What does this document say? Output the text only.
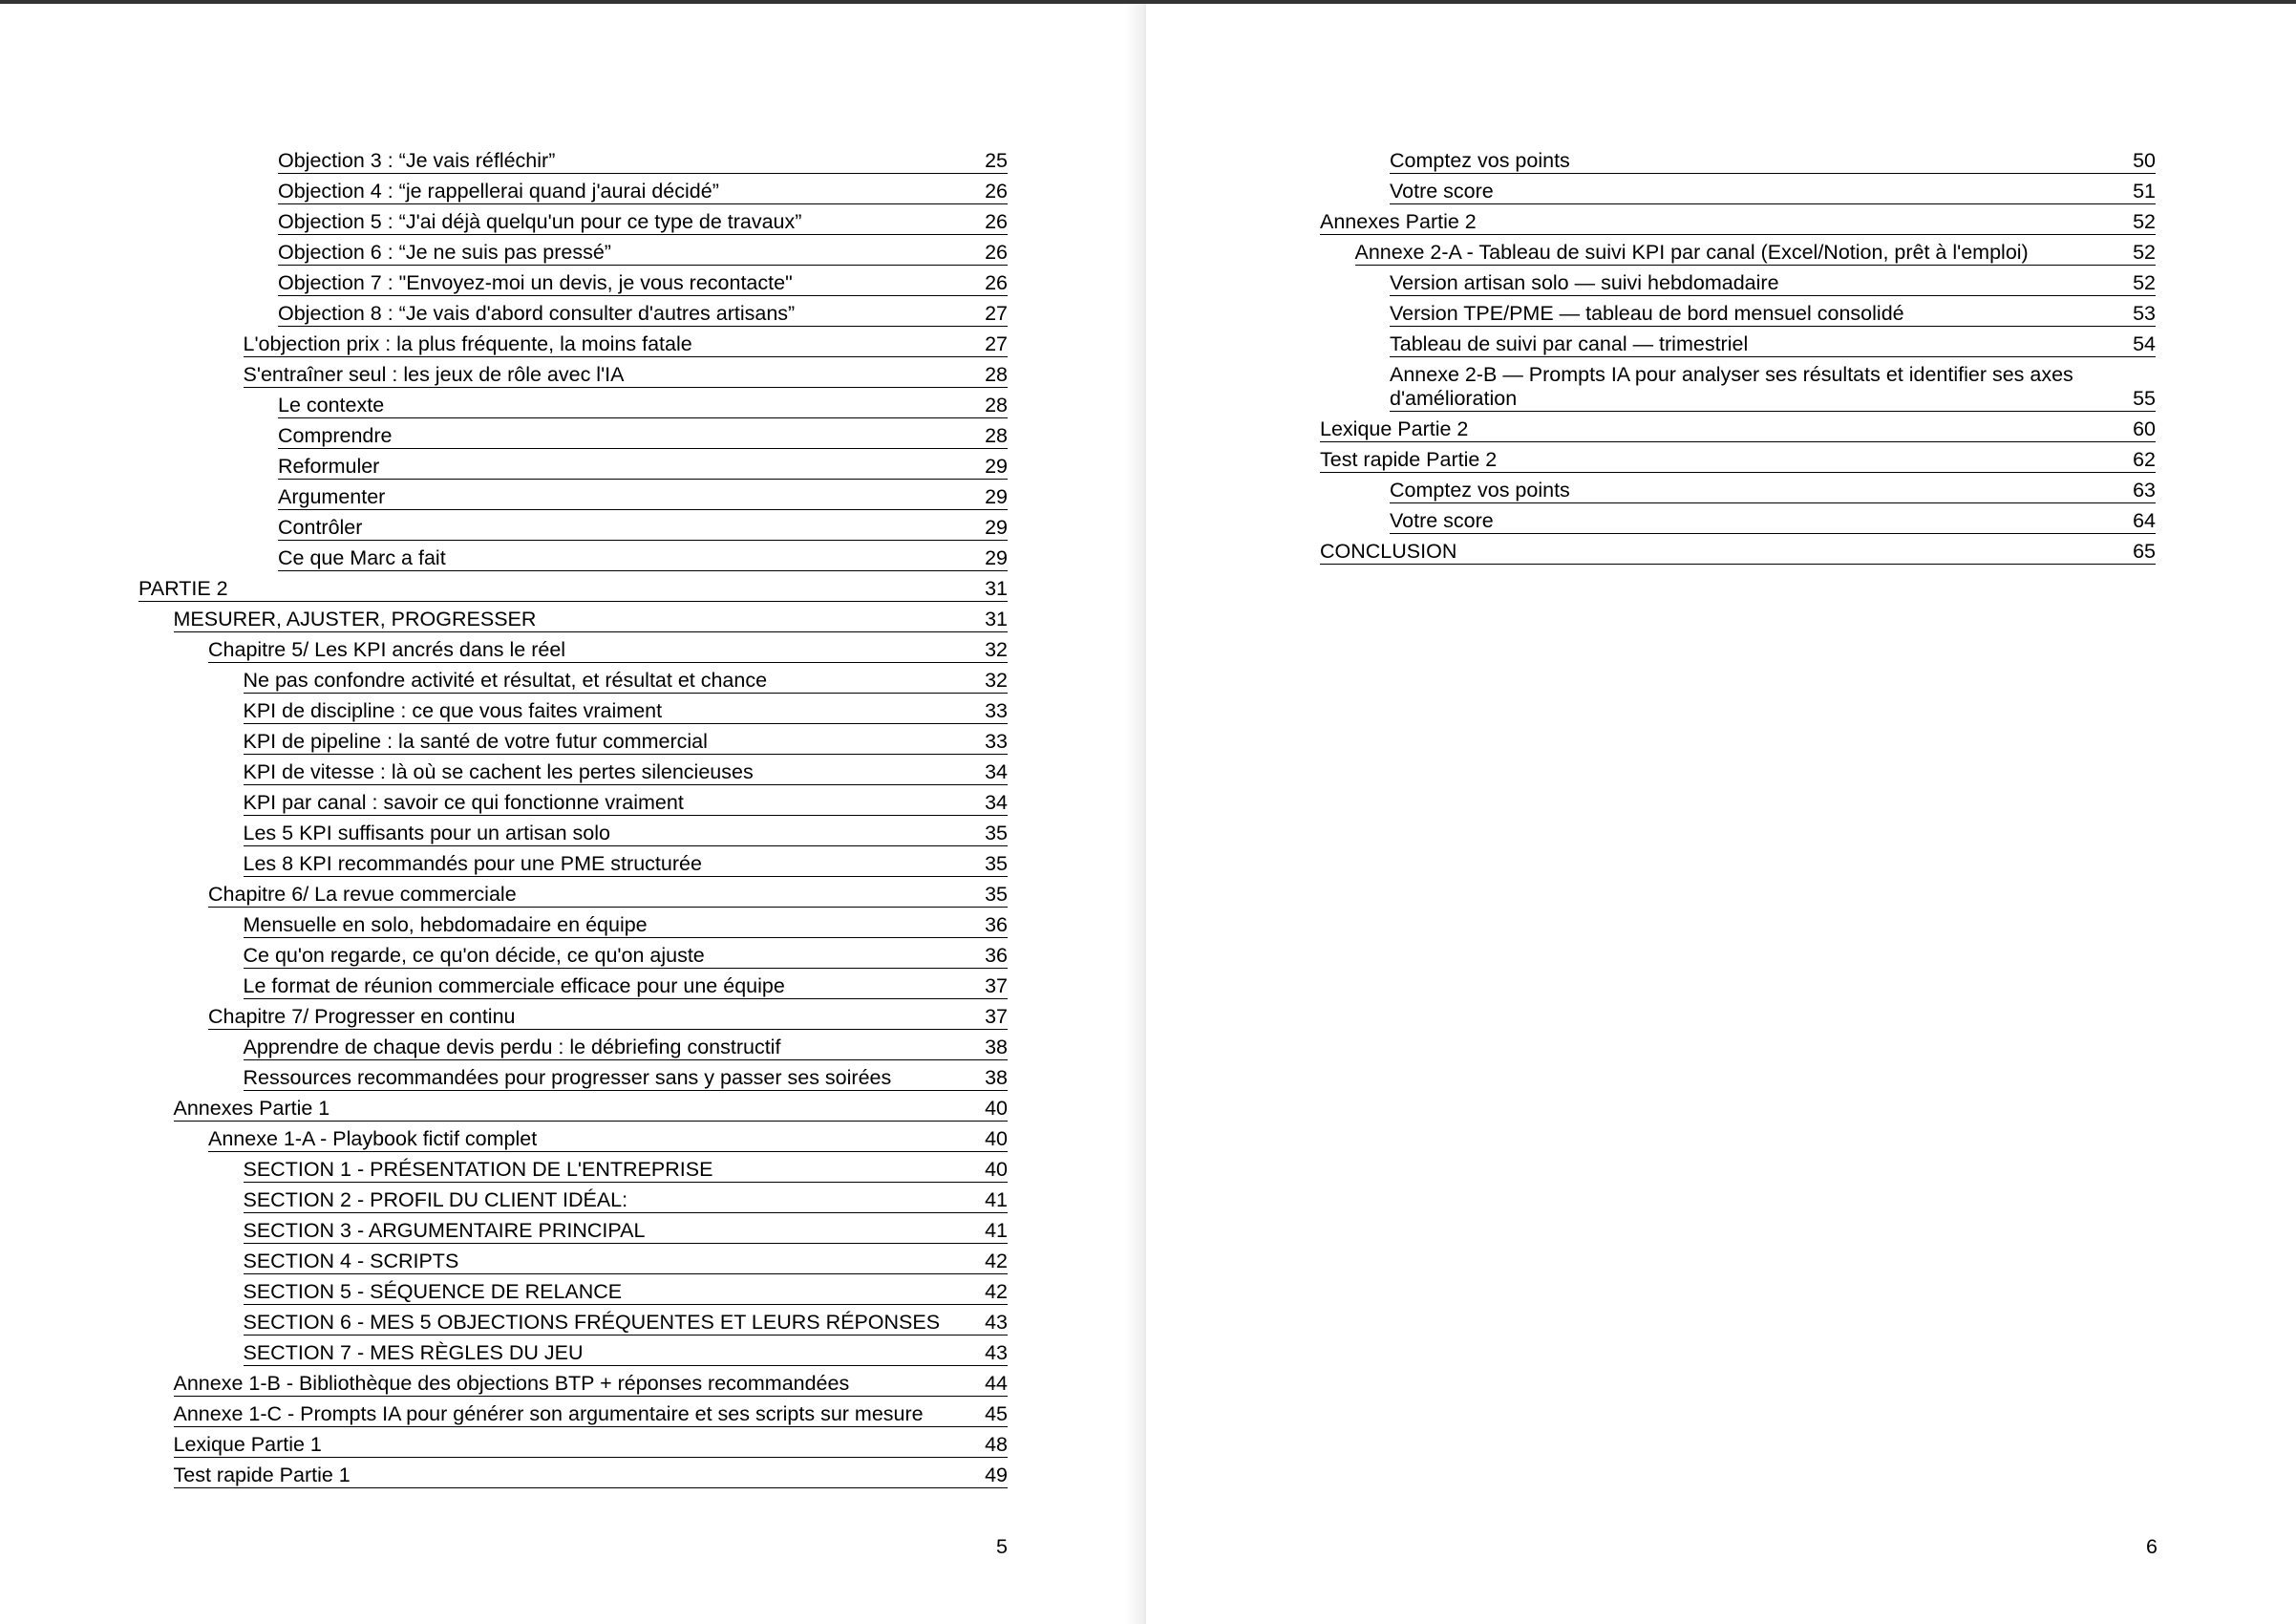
Objection 3 : “Je vais réfléchir”	25
Objection 4 : “je rappellerai quand j'aurai décidé”	26
Objection 5 : “J'ai déjà quelqu'un pour ce type de travaux”	26
Objection 6 : “Je ne suis pas pressé”	26
Objection 7 : "Envoyez-moi un devis, je vous recontacte"	26
Objection 8 : “Je vais d'abord consulter d'autres artisans”	27
L'objection prix : la plus fréquente, la moins fatale	27
S'entraîner seul : les jeux de rôle avec l'IA	28
Le contexte	28
Comprendre	28
Reformuler	29
Argumenter	29
Contrôler	29
Ce que Marc a fait	29
PARTIE 2	31
MESURER, AJUSTER, PROGRESSER	31
Chapitre 5/ Les KPI ancrés dans le réel	32
Ne pas confondre activité et résultat, et résultat et chance	32
KPI de discipline : ce que vous faites vraiment	33
KPI de pipeline : la santé de votre futur commercial	33
KPI de vitesse : là où se cachent les pertes silencieuses	34
KPI par canal : savoir ce qui fonctionne vraiment	34
Les 5 KPI suffisants pour un artisan solo	35
Les 8 KPI recommandés pour une PME structurée	35
Chapitre 6/ La revue commerciale	35
Mensuelle en solo, hebdomadaire en équipe	36
Ce qu'on regarde, ce qu'on décide, ce qu'on ajuste	36
Le format de réunion commerciale efficace pour une équipe	37
Chapitre 7/ Progresser en continu	37
Apprendre de chaque devis perdu : le débriefing constructif	38
Ressources recommandées pour progresser sans y passer ses soirées	38
Annexes Partie 1	40
Annexe 1-A - Playbook fictif complet	40
SECTION 1 - PRÉSENTATION DE L'ENTREPRISE	40
SECTION 2 - PROFIL DU CLIENT IDÉAL:	41
SECTION 3 - ARGUMENTAIRE PRINCIPAL	41
SECTION 4 - SCRIPTS	42
SECTION 5 - SÉQUENCE DE RELANCE	42
SECTION 6 - MES 5 OBJECTIONS FRÉQUENTES ET LEURS RÉPONSES	43
SECTION 7 - MES RÈGLES DU JEU	43
Annexe 1-B - Bibliothèque des objections BTP + réponses recommandées	44
Annexe 1-C - Prompts IA pour générer son argumentaire et ses scripts sur mesure	45
Lexique Partie 1	48
Test rapide Partie 1	49
5
Comptez vos points	50
Votre score	51
Annexes Partie 2	52
Annexe 2-A - Tableau de suivi KPI par canal (Excel/Notion, prêt à l'emploi)	52
Version artisan solo — suivi hebdomadaire	52
Version TPE/PME — tableau de bord mensuel consolidé	53
Tableau de suivi par canal — trimestriel	54
Annexe 2-B — Prompts IA pour analyser ses résultats et identifier ses axes d'amélioration	55
Lexique Partie 2	60
Test rapide Partie 2	62
Comptez vos points	63
Votre score	64
CONCLUSION	65
6
